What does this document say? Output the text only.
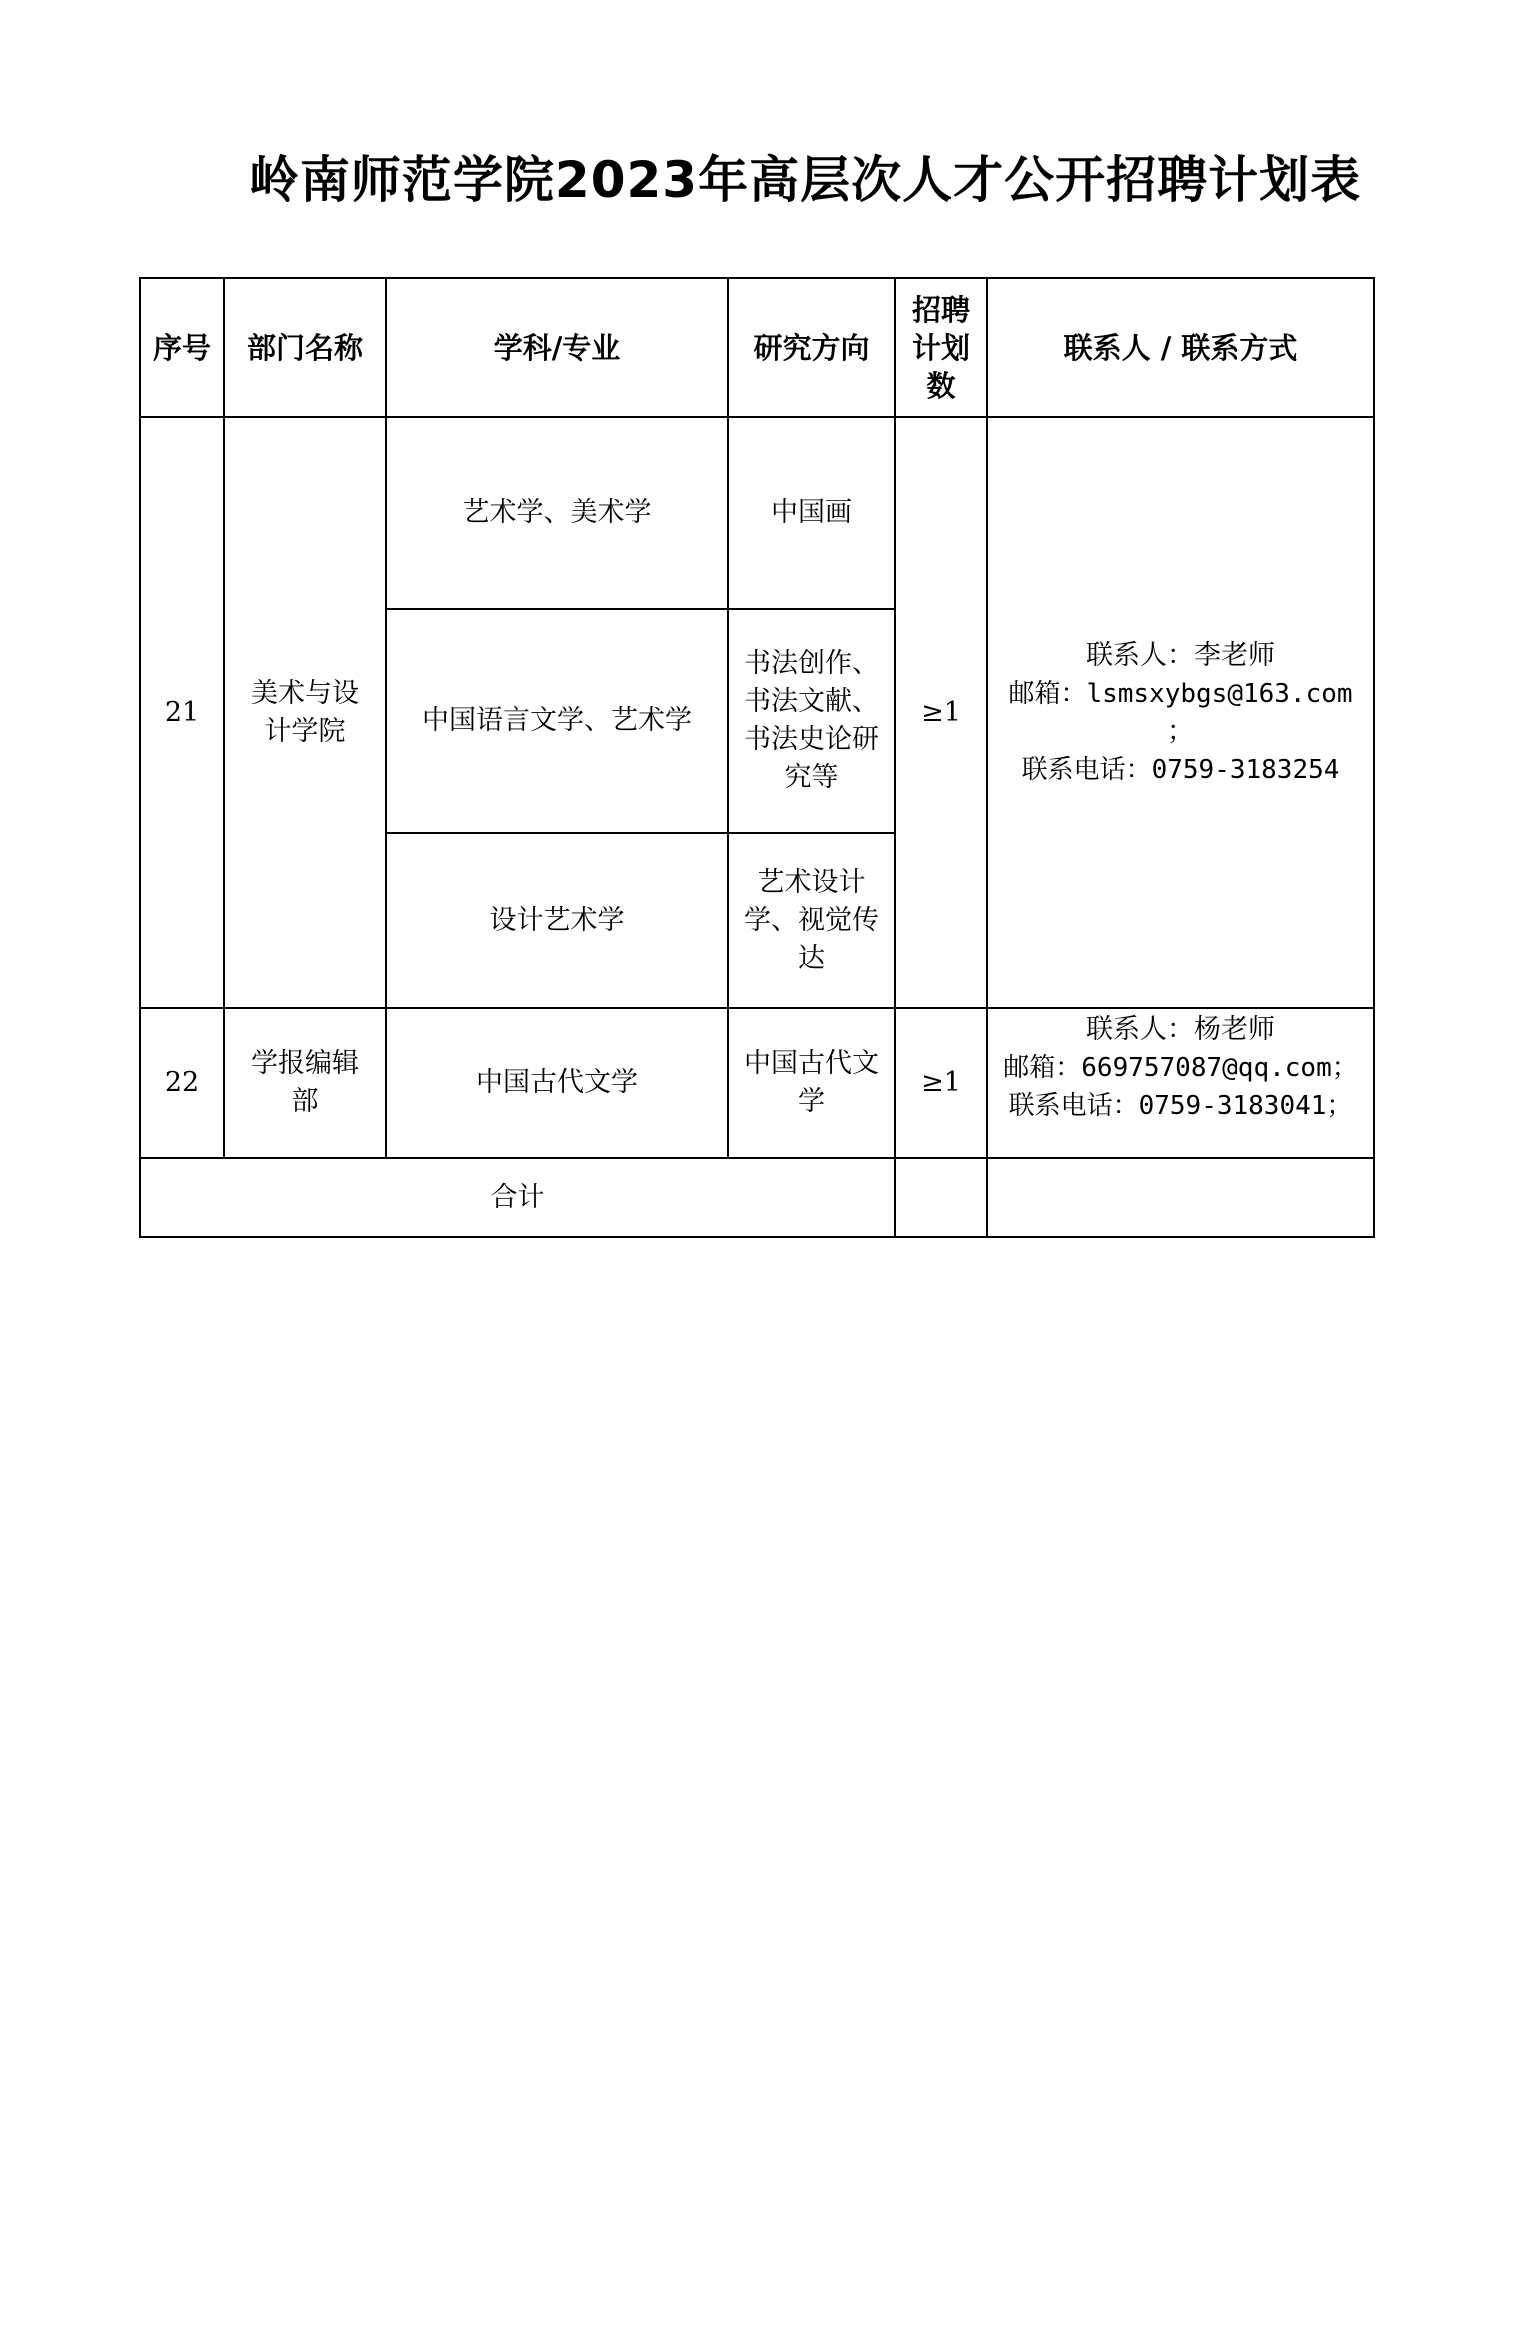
岭南师范学院2023年高层次人才公开招聘计划表
序号	部门名称	学科/专业	研究方向	招聘计划数	联系人 / 联系方式
21	美术与设计学院	艺术学、美术学	中国画	≥1	联系人：李老师
邮箱：lsmsxybgs@163.com
；
联系电话：0759-3183254

		中国语言文学、艺术学	书法创作、书法文献、书法史论研究等		
		设计艺术学	艺术设计学、视觉传达		
22	学报编辑部	中国古代文学	中国古代文学	≥1	联系人：杨老师
邮箱：669757087@qq.com；
联系电话：0759-3183041；

合计					
